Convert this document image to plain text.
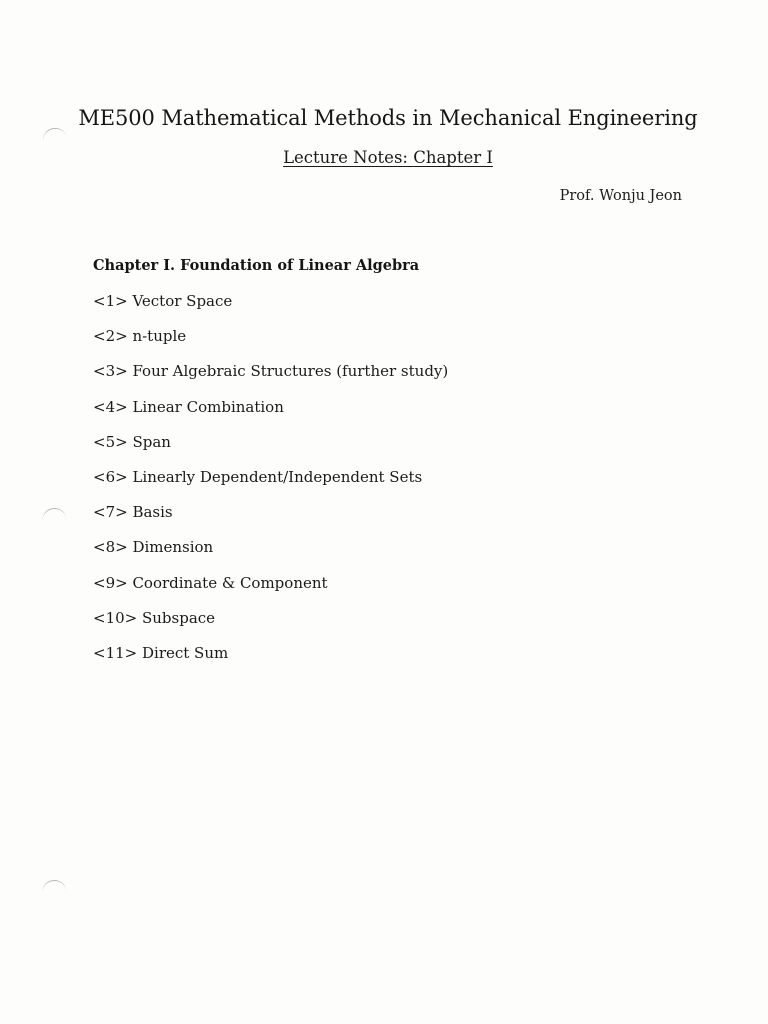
ME500 Mathematical Methods in Mechanical Engineering
Lecture Notes: Chapter I
Prof. Wonju Jeon
Chapter I. Foundation of Linear Algebra
<1> Vector Space
<2> n-tuple
<3> Four Algebraic Structures (further study)
<4> Linear Combination
<5> Span
<6> Linearly Dependent/Independent Sets
<7> Basis
<8> Dimension
<9> Coordinate & Component
<10> Subspace
<11> Direct Sum
